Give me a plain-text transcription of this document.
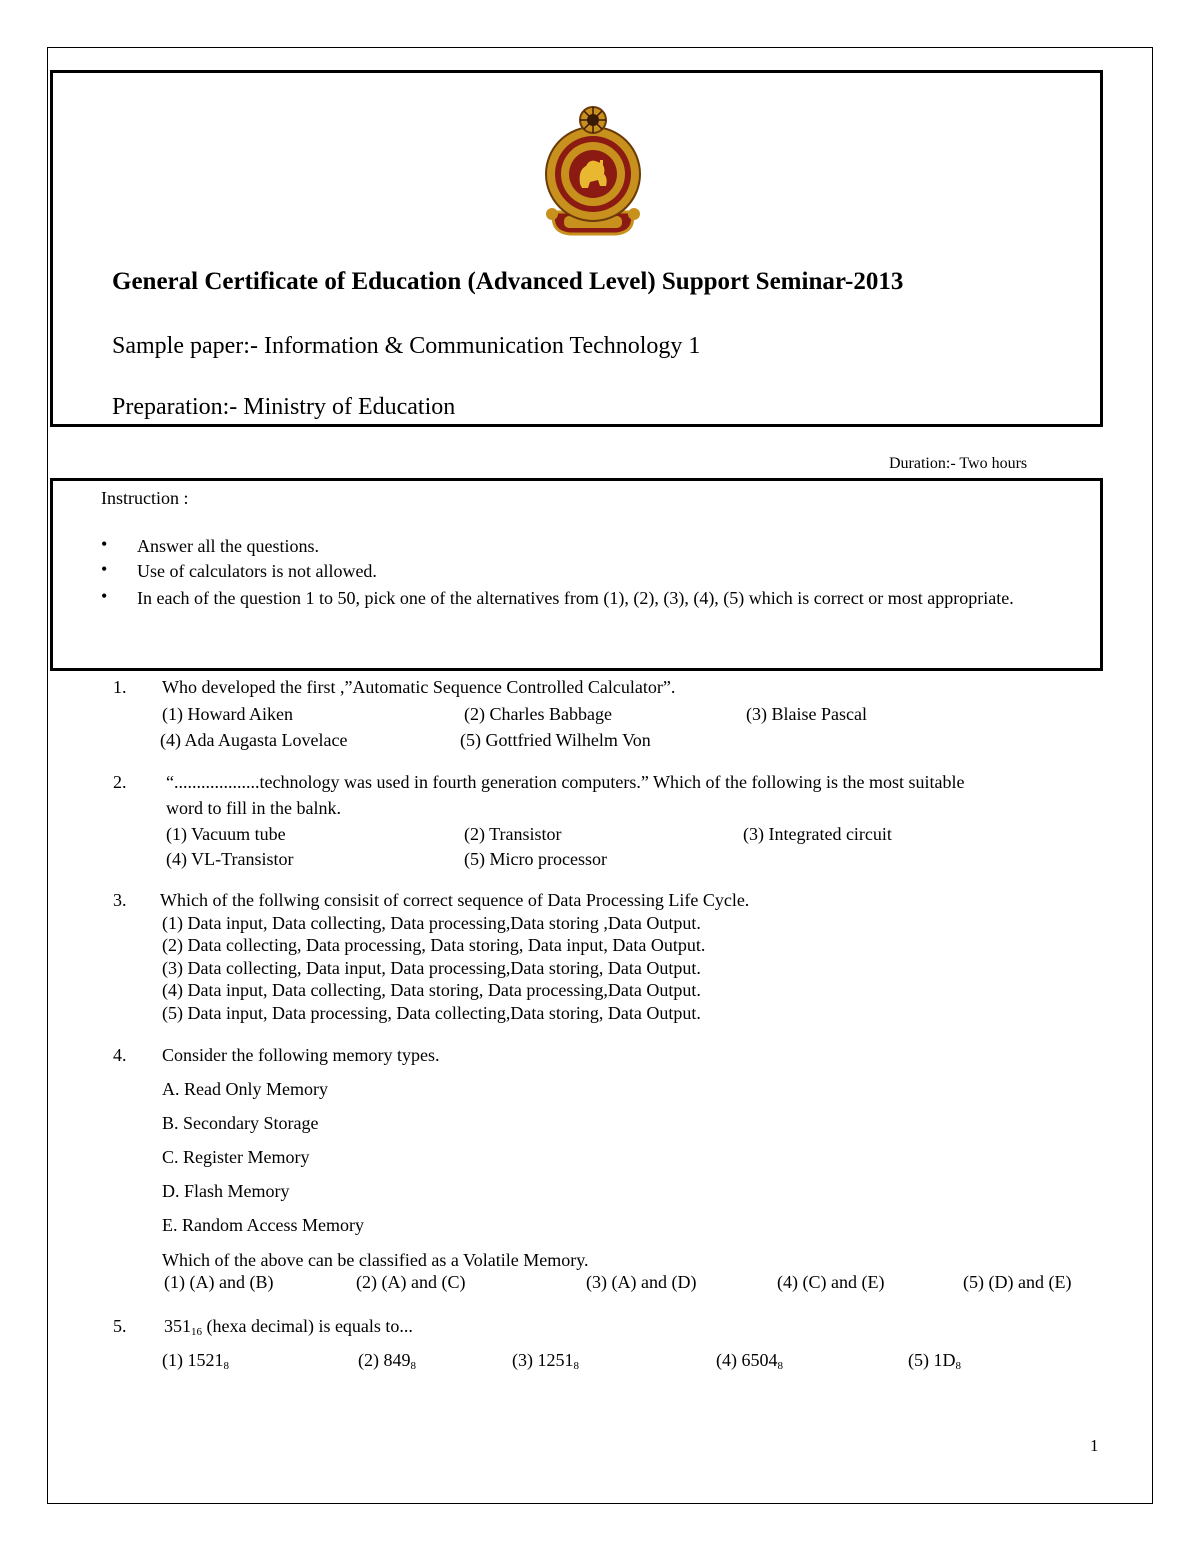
General Certificate of Education (Advanced Level) Support Seminar-2013
Sample paper:- Information & Communication Technology 1
Preparation:- Ministry of Education
Duration:- Two hours
Instruction :
• Answer all the questions.
• Use of calculators is not allowed.
• In each of the question 1 to 50, pick one of the alternatives from (1), (2), (3), (4), (5) which is correct or most appropriate.
1. Who developed the first ,”Automatic Sequence Controlled Calculator”.
(1) Howard Aiken	(2) Charles Babbage	(3) Blaise Pascal
(4) Ada Augasta Lovelace	(5) Gottfried Wilhelm Von
2. “...................technology was used in fourth generation computers.” Which of the following is the most suitable
word to fill in the balnk.
(1) Vacuum tube	(2) Transistor	(3) Integrated circuit
(4) VL-Transistor	(5) Micro processor
3. Which of the follwing consisit of correct sequence of Data Processing Life Cycle.
(1) Data input, Data collecting, Data processing,Data storing ,Data Output.
(2) Data collecting, Data processing, Data storing, Data input, Data Output.
(3) Data collecting, Data input, Data processing,Data storing, Data Output.
(4) Data input, Data collecting, Data storing, Data processing,Data Output.
(5) Data input, Data processing, Data collecting,Data storing, Data Output.
4. Consider the following memory types.
A. Read Only Memory
B. Secondary Storage
C. Register Memory
D. Flash Memory
E. Random Access Memory
Which of the above can be classified as a Volatile Memory.
(1) (A) and (B)	(2) (A) and (C)	(3) (A) and (D)	(4) (C) and (E)	(5) (D) and (E)
5. $351_{16}$ (hexa decimal) is equals to...
(1) $1521_8$	(2) $849_8$	(3) $1251_8$	(4) $6504_8$	(5) $1D_8$
1
